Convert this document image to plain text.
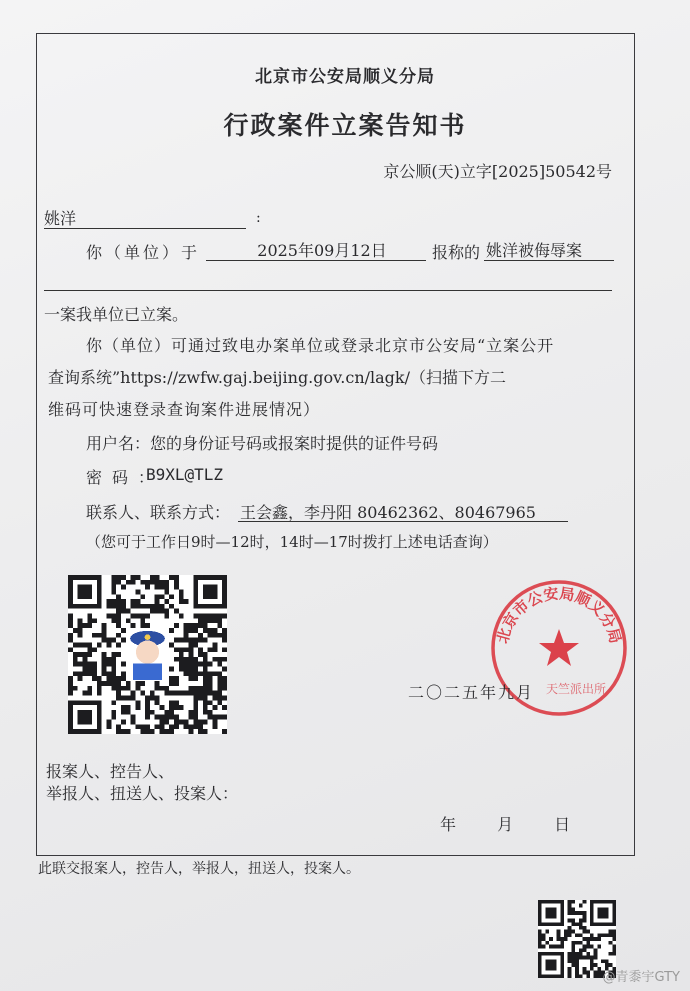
北京市公安局顺义分局
行政案件立案告知书
京公顺(天)立字[2025]50542号
姚洋	:
你（单位）于	2025年09月12日	报称的 姚洋被侮辱案
一案我单位已立案。
你（单位）可通过致电办案单位或登录北京市公安局“立案公开
查询系统”https://zwfw.gaj.beijing.gov.cn/lagk/（扫描下方二
维码可快速登录查询案件进展情况）
用户名：您的身份证号码或报案时提供的证件号码
密码：
B9XL@TLZ
联系人、联系方式： 王会鑫，李丹阳 80462362、80467965
（您可于工作日9时—12时，14时—17时拨打上述电话查询）
北京市公安局顺义分局
天竺派出所
二〇二五年九月
报案人、控告人、
举报人、扭送人、投案人：
年 月 日
此联交报案人，控告人，举报人，扭送人，投案人。
@青黍宇GTY
